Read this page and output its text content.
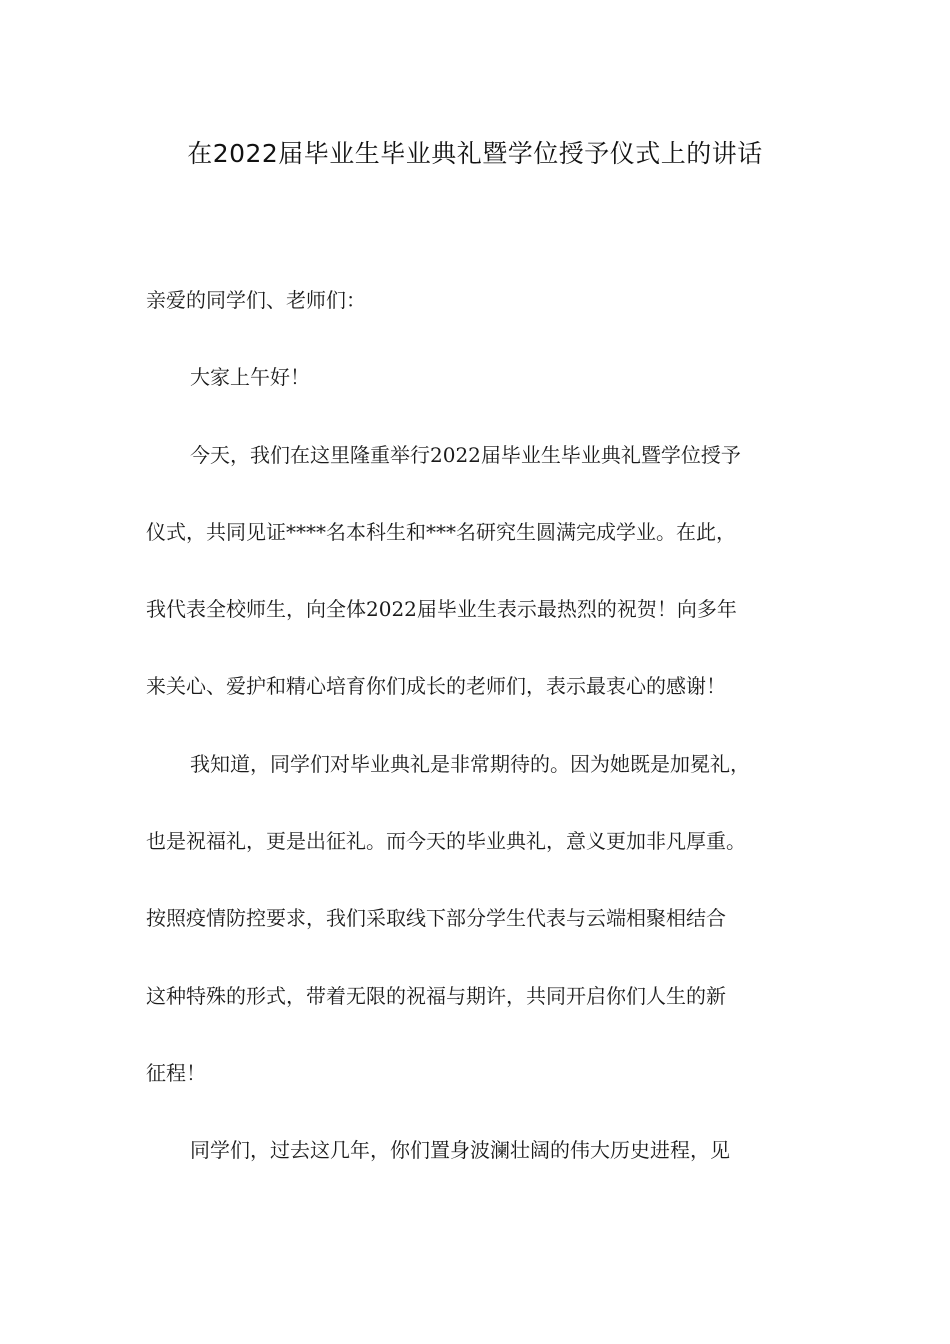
在2022届毕业生毕业典礼暨学位授予仪式上的讲话
亲爱的同学们、老师们：
大家上午好！
今天，我们在这里隆重举行2022届毕业生毕业典礼暨学位授予
仪式，共同见证****名本科生和***名研究生圆满完成学业。在此，
我代表全校师生，向全体2022届毕业生表示最热烈的祝贺！向多年
来关心、爱护和精心培育你们成长的老师们，表示最衷心的感谢！
我知道，同学们对毕业典礼是非常期待的。因为她既是加冕礼，
也是祝福礼，更是出征礼。而今天的毕业典礼，意义更加非凡厚重。
按照疫情防控要求，我们采取线下部分学生代表与云端相聚相结合
这种特殊的形式，带着无限的祝福与期许，共同开启你们人生的新
征程！
同学们，过去这几年，你们置身波澜壮阔的伟大历史进程，见
